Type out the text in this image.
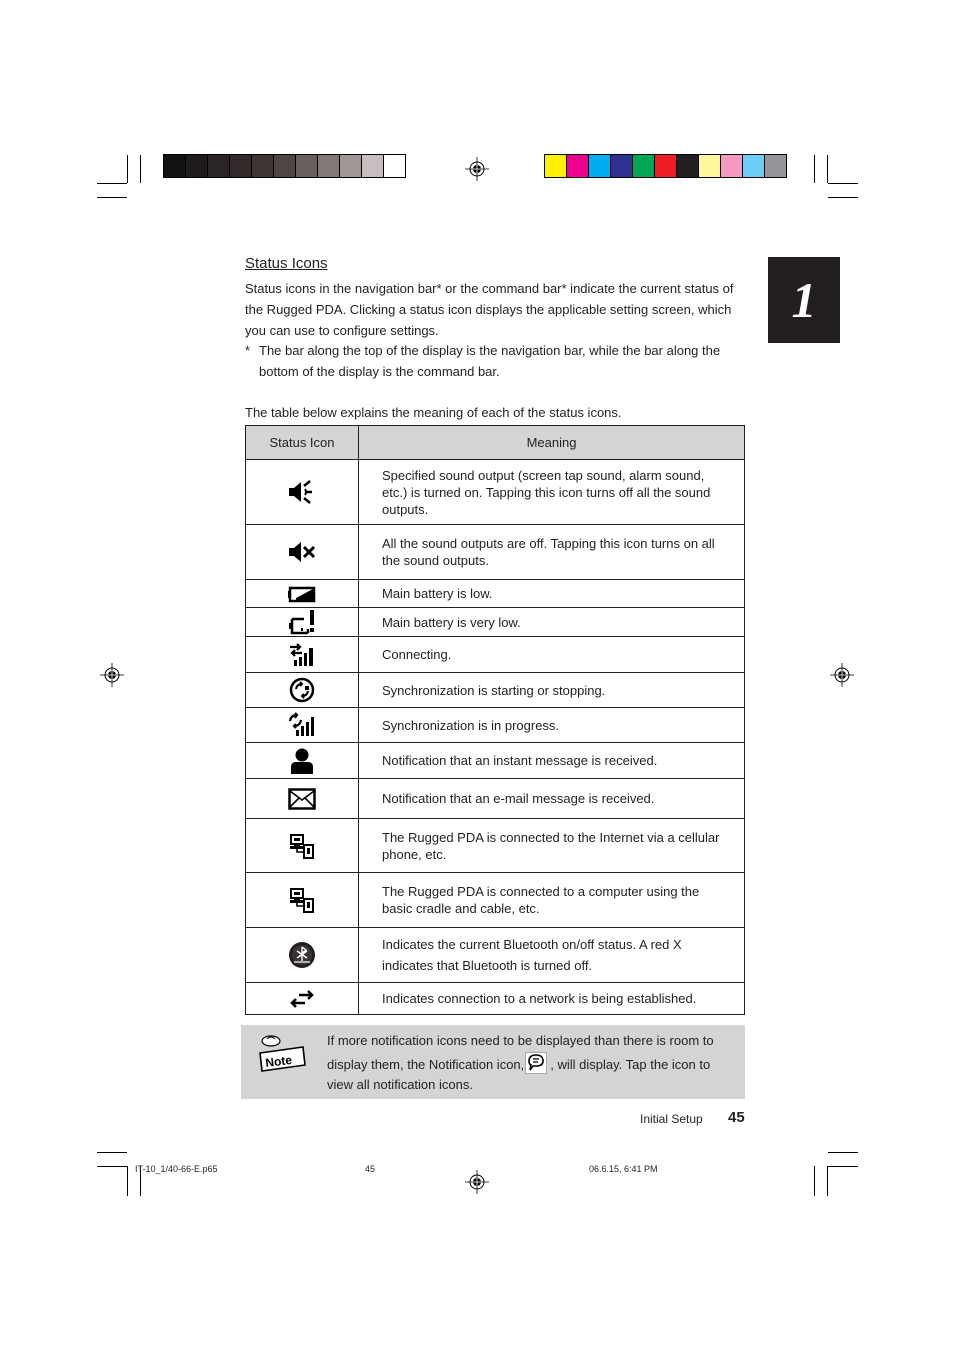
1
Status Icons
Status icons in the navigation bar* or the command bar* indicate the current status of the Rugged PDA. Clicking a status icon displays the applicable setting screen, which you can use to configure settings.
* The bar along the top of the display is the navigation bar, while the bar along the bottom of the display is the command bar.
The table below explains the meaning of each of the status icons.
Status Icon	Meaning

	Specified sound output (screen tap sound, alarm sound, etc.) is turned on. Tapping this icon turns off all the sound outputs.

	All the sound outputs are off. Tapping this icon turns on all the sound outputs.

	Main battery is low.

	Main battery is very low.

	Connecting.

	Synchronization is starting or stopping.

	Synchronization is in progress.

	Notification that an instant message is received.

	Notification that an e-mail message is received.

	The Rugged PDA is connected to the Internet via a cellular phone, etc.

	The Rugged PDA is connected to a computer using the basic cradle and cable, etc.

	Indicates the current Bluetooth on/off status. A red X indicates that Bluetooth is turned off.

	Indicates connection to a network is being established.
Note
If more notification icons need to be displayed than there is room to display them, the Notification icon, , will display. Tap the icon to view all notification icons.
Initial Setup 45
IT-10_1/40-66-E.p65	45	06.6.15, 6:41 PM
